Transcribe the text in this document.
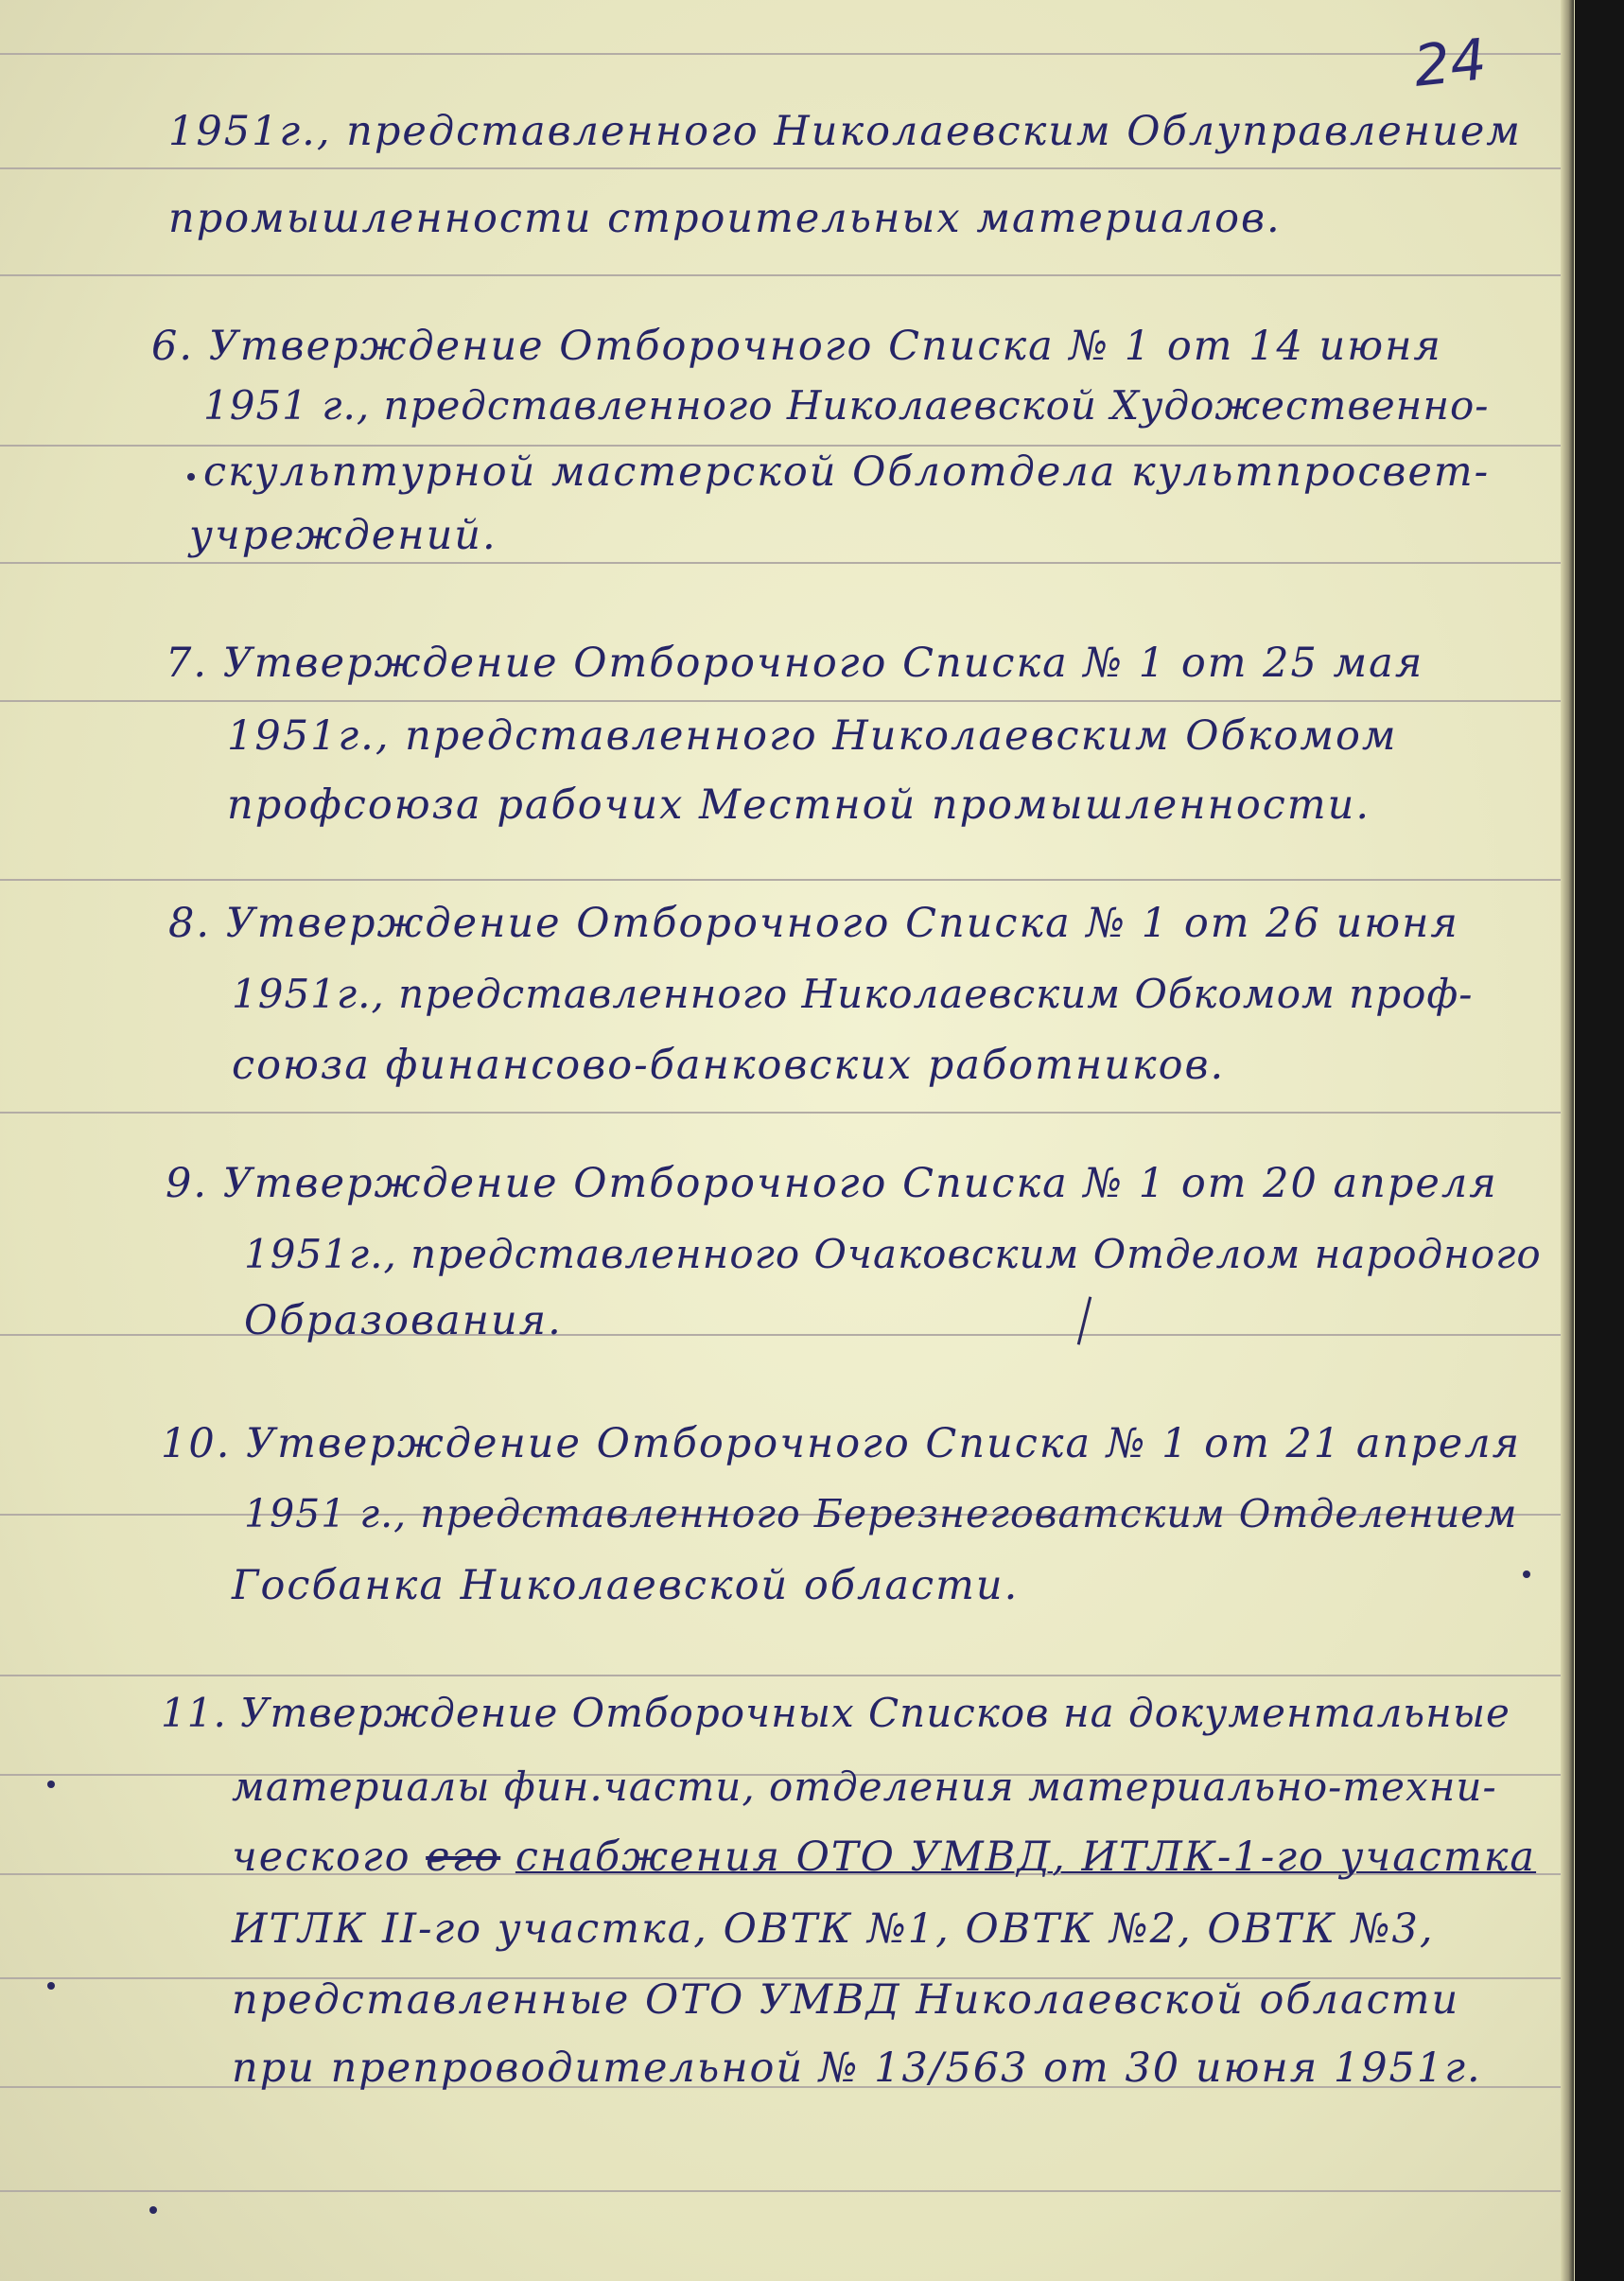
24
1951г., представленного Николаевским Облуправлением
промышленности строительных материалов.
6. Утверждение Отборочного Списка № 1 от 14 июня
1951 г., представленного Николаевской Художественно-
скульптурной мастерской Облотдела культпросвет-
учреждений.
7. Утверждение Отборочного Списка № 1 от 25 мая
1951г., представленного Николаевским Обкомом
профсоюза рабочих Местной промышленности.
8. Утверждение Отборочного Списка № 1 от 26 июня
1951г., представленного Николаевским Обкомом проф-
союза финансово-банковских работников.
9. Утверждение Отборочного Списка № 1 от 20 апреля
1951г., представленного Очаковским Отделом народного
Образования.
10. Утверждение Отборочного Списка № 1 от 21 апреля
1951 г., представленного Березнеговатским Отделением
Госбанка Николаевской области.
11. Утверждение Отборочных Списков на документальные
материалы фин.части, отделения материально-техни-
ческого его снабжения ОТО УМВД, ИТЛК-1-го участка
ИТЛК II-го участка, ОВТК №1, ОВТК №2, ОВТК №3,
представленные ОТО УМВД Николаевской области
при препроводительной № 13/563 от 30 июня 1951г.
